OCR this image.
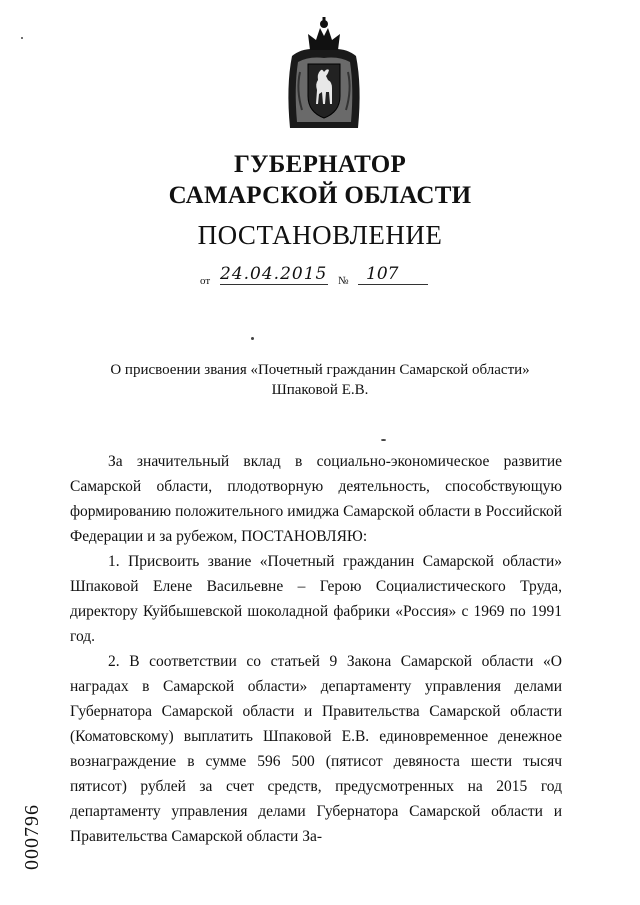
ГУБЕРНАТОР
САМАРСКОЙ ОБЛАСТИ
ПОСТАНОВЛЕНИЕ
от 24.04.2015 №	107
О присвоении звания «Почетный гражданин Самарской области»
Шпаковой Е.В.

За значительный вклад в социально-экономическое развитие Самарской области, плодотворную деятельность, способствующую формированию положительного имиджа Самарской области в Российской Федерации и за рубежом, ПОСТАНОВЛЯЮ:

1. Присвоить звание «Почетный гражданин Самарской области» Шпаковой Елене Васильевне – Герою Социалистического Труда, директору Куйбышевской шоколадной фабрики «Россия» с 1969 по 1991 год.

2. В соответствии со статьей 9 Закона Самарской области «О наградах в Самарской области» департаменту управления делами Губернатора Самарской области и Правительства Самарской области (Коматовскому) выплатить Шпаковой Е.В. единовременное денежное вознаграждение в сумме 596 500 (пятисот девяноста шести тысяч пятисот) рублей за счет средств, предусмотренных на 2015 год департаменту управления делами Губернатора Самарской области и Правительства Самарской области За-

000796
